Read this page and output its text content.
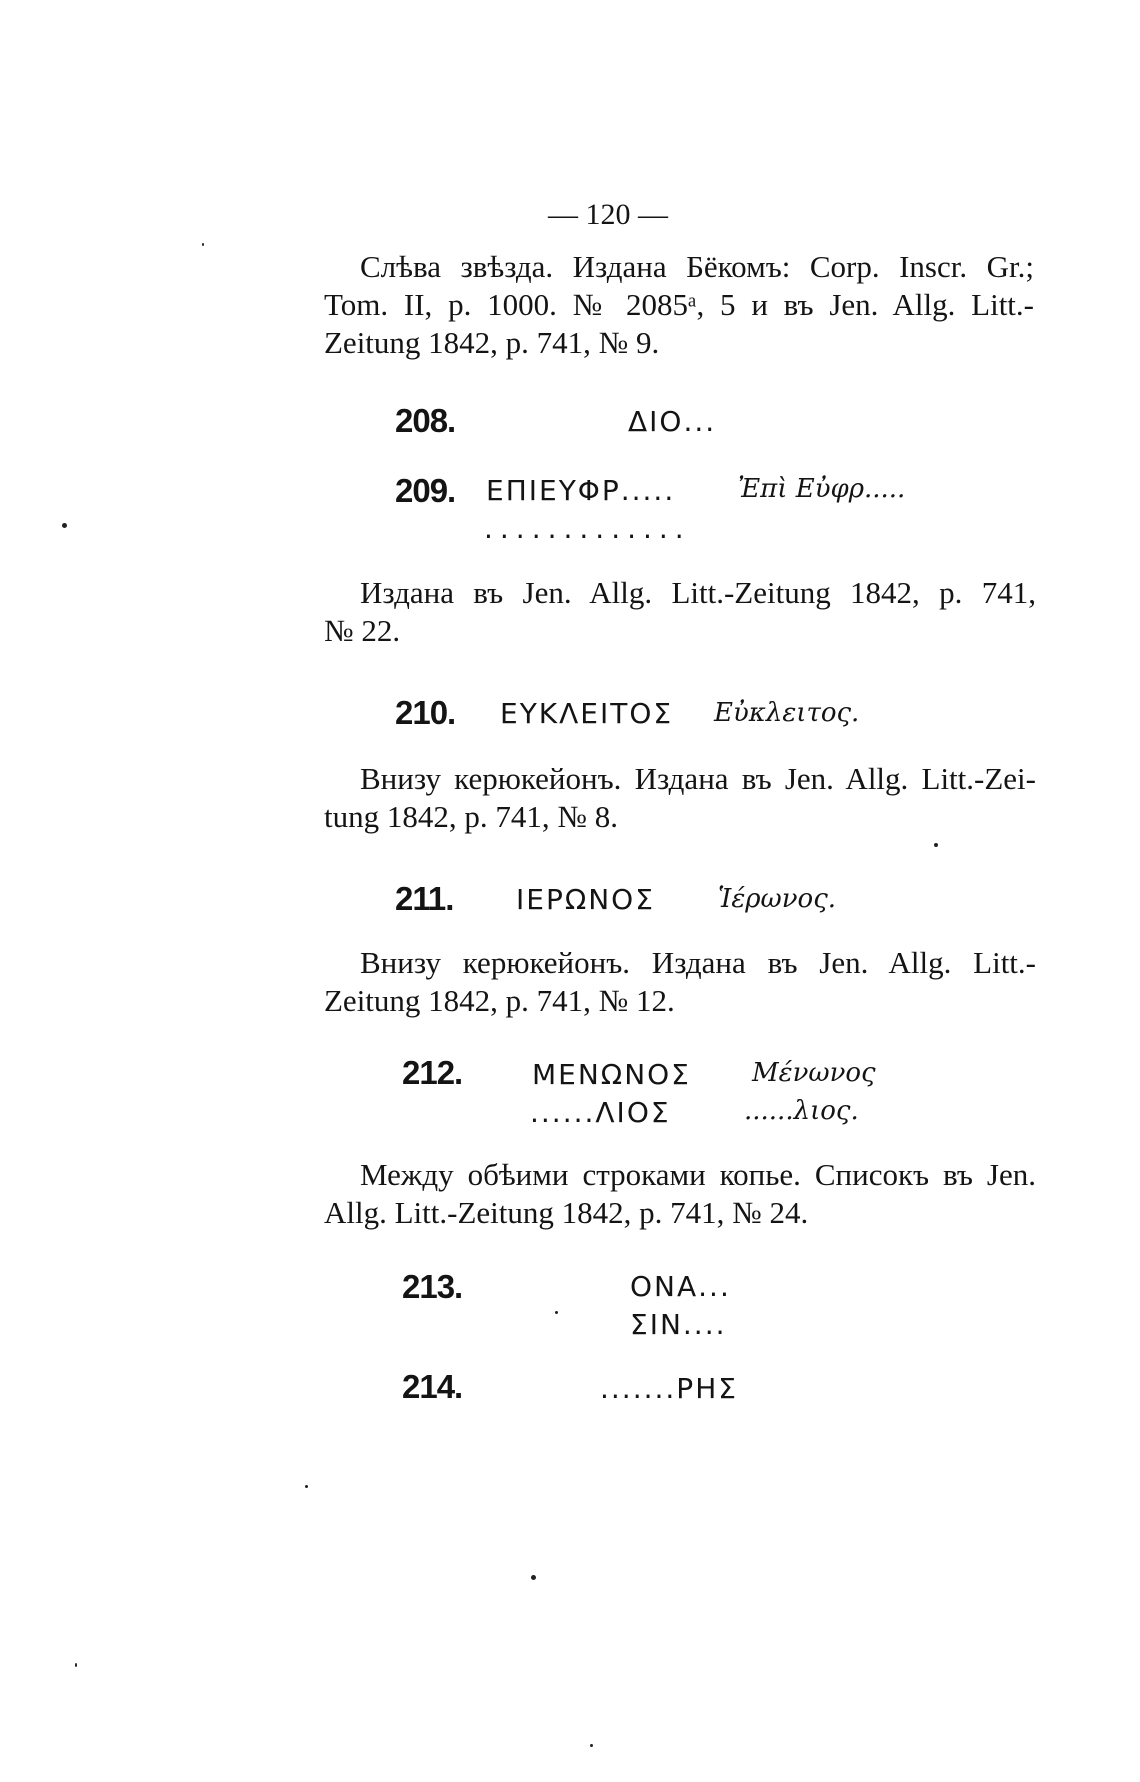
— 120 —
Слѣва звѣзда. Издана Бёкомъ: Corp. Inscr. Gr.;
Tom. II, p. 1000. № 2085ᵃ, 5 и въ Jen. Allg. Litt.-
Zeitung 1842, p. 741, № 9.
208.	ΔΙΟ...
209. ΕΠΙΕΥΦΡ..... Ἐπὶ Εὐφρ.....
.............
Издана въ Jen. Allg. Litt.-Zeitung 1842, p. 741,
№ 22.
210. ΕΥΚΛΕΙΤΟΣ Εὐκλειτος.
Внизу керюкейонъ. Издана въ Jen. Allg. Litt.-Zei-
tung 1842, p. 741, № 8.
211. ΙΕΡΩΝΟΣ Ἱέρωνος.
Внизу керюкейонъ. Издана въ Jen. Allg. Litt.-
Zeitung 1842, p. 741, № 12.
212. ΜΕΝΩΝΟΣ Μένωνος
......ΛΙΟΣ	......λιος.
Между обѣими строками копье. Списокъ въ Jen.
Allg. Litt.-Zeitung 1842, p. 741, № 24.
213.	ΟΝΑ...
ΣΙΝ....
214.	.......ΡΗΣ
